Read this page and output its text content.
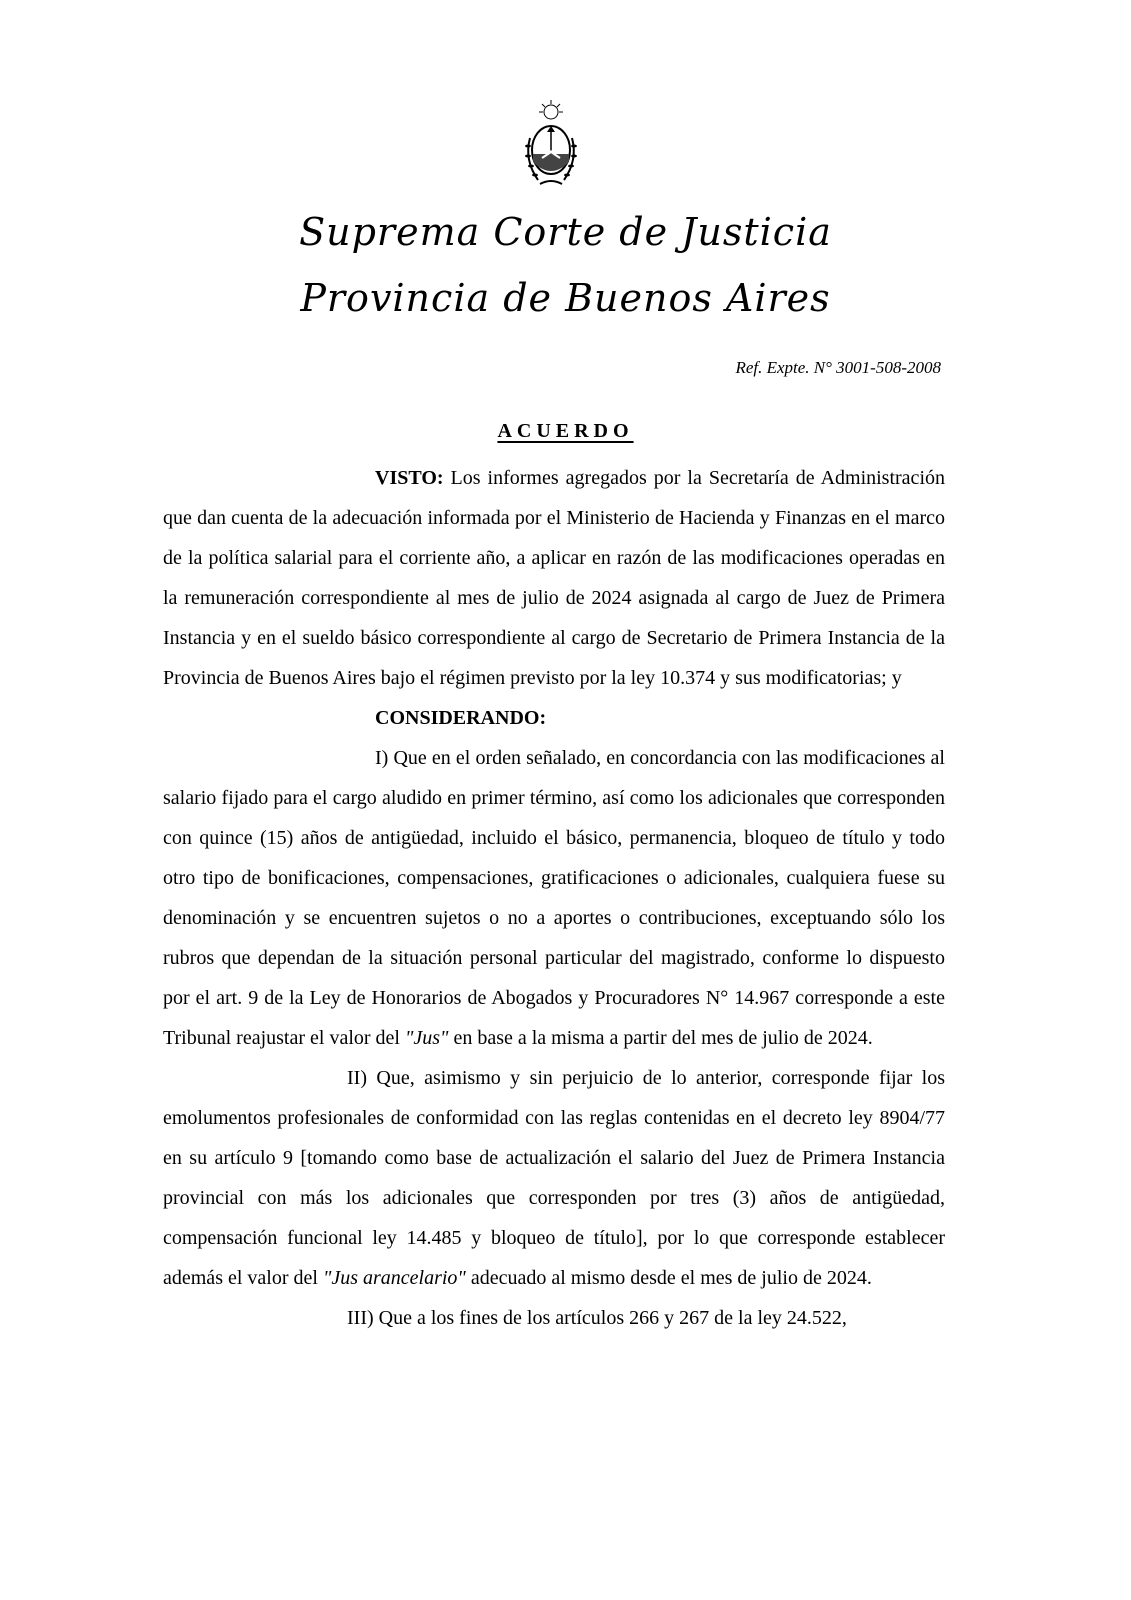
Suprema Corte de Justicia
Provincia de Buenos Aires
Ref. Expte. N° 3001-508-2008
ACUERDO

VISTO: Los informes agregados por la Secretaría de Administración que dan cuenta de la adecuación informada por el Ministerio de Hacienda y Finanzas en el marco de la política salarial para el corriente año, a aplicar en razón de las modificaciones operadas en la remuneración correspondiente al mes de julio de 2024 asignada al cargo de Juez de Primera Instancia y en el sueldo básico correspondiente al cargo de Secretario de Primera Instancia de la Provincia de Buenos Aires bajo el régimen previsto por la ley 10.374 y sus modificatorias; y

CONSIDERANDO:

I) Que en el orden señalado, en concordancia con las modificaciones al salario fijado para el cargo aludido en primer término, así como los adicionales que corresponden con quince (15) años de antigüedad, incluido el básico, permanencia, bloqueo de título y todo otro tipo de bonificaciones, compensaciones, gratificaciones o adicionales, cualquiera fuese su denominación y se encuentren sujetos o no a aportes o contribuciones, exceptuando sólo los rubros que dependan de la situación personal particular del magistrado, conforme lo dispuesto por el art. 9 de la Ley de Honorarios de Abogados y Procuradores N° 14.967 corresponde a este Tribunal reajustar el valor del "Jus" en base a la misma a partir del mes de julio de 2024.

II) Que, asimismo y sin perjuicio de lo anterior, corresponde fijar los emolumentos profesionales de conformidad con las reglas contenidas en el decreto ley 8904/77 en su artículo 9 [tomando como base de actualización el salario del Juez de Primera Instancia provincial con más los adicionales que corresponden por tres (3) años de antigüedad, compensación funcional ley 14.485 y bloqueo de título], por lo que corresponde establecer además el valor del "Jus arancelario" adecuado al mismo desde el mes de julio de 2024.

III) Que a los fines de los artículos 266 y 267 de la ley 24.522,
